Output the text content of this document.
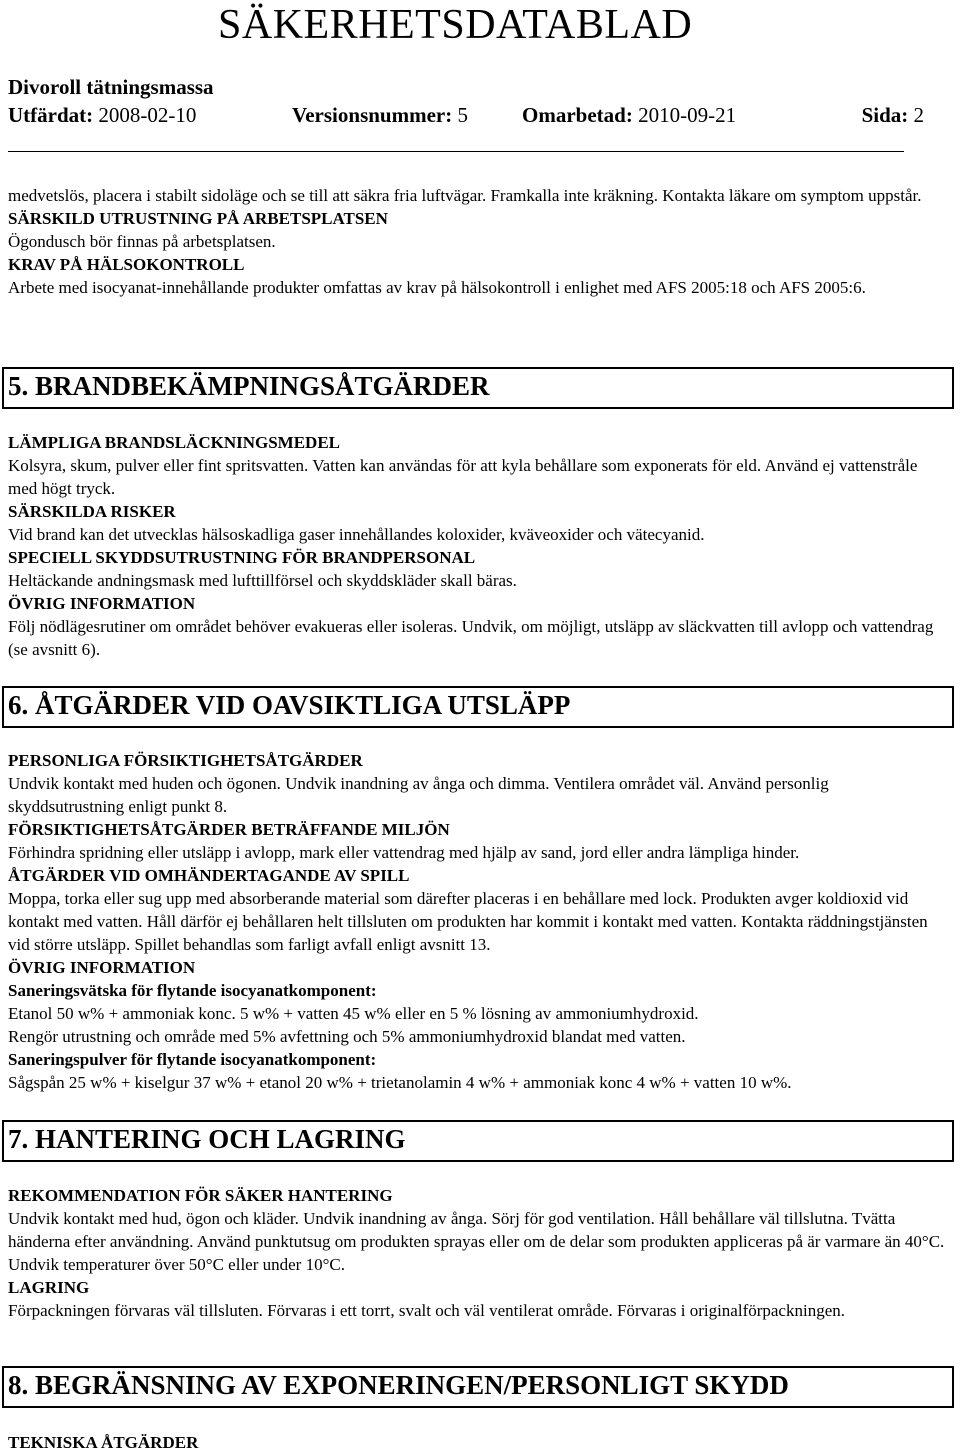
SÄKERHETSDATABLAD
Divoroll tätningsmassa
Utfärdat: 2008-02-10	Versionsnummer: 5	Omarbetad: 2010-09-21	Sida: 2

medvetslös, placera i stabilt sidoläge och se till att säkra fria luftvägar. Framkalla inte kräkning. Kontakta läkare om symptom uppstår.

SÄRSKILD UTRUSTNING PÅ ARBETSPLATSEN

Ögondusch bör finnas på arbetsplatsen.

KRAV PÅ HÄLSOKONTROLL

Arbete med isocyanat-innehållande produkter omfattas av krav på hälsokontroll i enlighet med AFS 2005:18 och AFS 2005:6.

5. BRANDBEKÄMPNINGSÅTGÄRDER

LÄMPLIGA BRANDSLÄCKNINGSMEDEL

Kolsyra, skum, pulver eller fint spritsvatten. Vatten kan användas för att kyla behållare som exponerats för eld. Använd ej vattenstråle med högt tryck.

SÄRSKILDA RISKER

Vid brand kan det utvecklas hälsoskadliga gaser innehållandes koloxider, kväveoxider och vätecyanid.

SPECIELL SKYDDSUTRUSTNING FÖR BRANDPERSONAL

Heltäckande andningsmask med lufttillförsel och skyddskläder skall bäras.

ÖVRIG INFORMATION

Följ nödlägesrutiner om området behöver evakueras eller isoleras. Undvik, om möjligt, utsläpp av släckvatten till avlopp och vattendrag (se avsnitt 6).

6. ÅTGÄRDER VID OAVSIKTLIGA UTSLÄPP

PERSONLIGA FÖRSIKTIGHETSÅTGÄRDER

Undvik kontakt med huden och ögonen. Undvik inandning av ånga och dimma. Ventilera området väl. Använd personlig skyddsutrustning enligt punkt 8.

FÖRSIKTIGHETSÅTGÄRDER BETRÄFFANDE MILJÖN

Förhindra spridning eller utsläpp i avlopp, mark eller vattendrag med hjälp av sand, jord eller andra lämpliga hinder.

ÅTGÄRDER VID OMHÄNDERTAGANDE AV SPILL

Moppa, torka eller sug upp med absorberande material som därefter placeras i en behållare med lock. Produkten avger koldioxid vid kontakt med vatten. Håll därför ej behållaren helt tillsluten om produkten har kommit i kontakt med vatten. Kontakta räddningstjänsten vid större utsläpp. Spillet behandlas som farligt avfall enligt avsnitt 13.

ÖVRIG INFORMATION

Saneringsvätska för flytande isocyanatkomponent:

Etanol 50 w% + ammoniak konc. 5 w% + vatten 45 w% eller en 5 % lösning av ammoniumhydroxid.

Rengör utrustning och område med 5% avfettning och 5% ammoniumhydroxid blandat med vatten.

Saneringspulver för flytande isocyanatkomponent:

Sågspån 25 w% + kiselgur 37 w% + etanol 20 w% + trietanolamin 4 w% + ammoniak konc 4 w% + vatten 10 w%.

7. HANTERING OCH LAGRING

REKOMMENDATION FÖR SÄKER HANTERING

Undvik kontakt med hud, ögon och kläder. Undvik inandning av ånga. Sörj för god ventilation. Håll behållare väl tillslutna. Tvätta händerna efter användning. Använd punktutsug om produkten sprayas eller om de delar som produkten appliceras på är varmare än 40°C. Undvik temperaturer över 50°C eller under 10°C.

LAGRING

Förpackningen förvaras väl tillsluten. Förvaras i ett torrt, svalt och väl ventilerat område. Förvaras i originalförpackningen.

8. BEGRÄNSNING AV EXPONERINGEN/PERSONLIGT SKYDD
TEKNISKA ÅTGÄRDER
